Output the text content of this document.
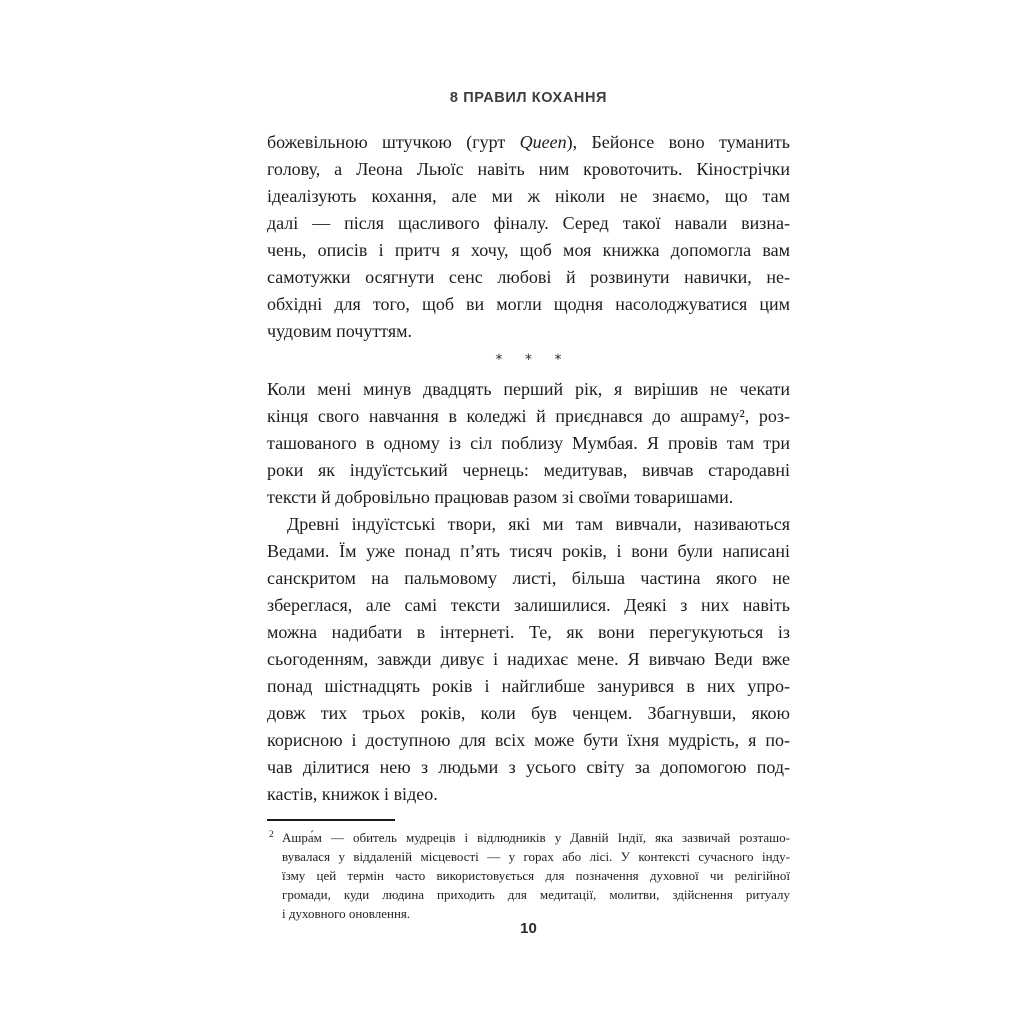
8 ПРАВИЛ КОХАННЯ
божевільною штучкою (гурт Queen), Бейонсе воно туманить
голову, а Леона Льюїс навіть ним кровоточить. Кінострічки
ідеалізують кохання, але ми ж ніколи не знаємо, що там
далі — після щасливого фіналу. Серед такої навали визна-
чень, описів і притч я хочу, щоб моя книжка допомогла вам
самотужки осягнути сенс любові й розвинути навички, не-
обхідні для того, щоб ви могли щодня насолоджуватися цим
чудовим почуттям.
* * *
Коли мені минув двадцять перший рік, я вирішив не чекати
кінця свого навчання в коледжі й приєднався до ашраму², роз-
ташованого в одному із сіл поблизу Мумбая. Я провів там три
роки як індуїстський чернець: медитував, вивчав стародавні
тексти й добровільно працював разом зі своїми товаришами.
Древні індуїстські твори, які ми там вивчали, називаються
Ведами. Їм уже понад п’ять тисяч років, і вони були написані
санскритом на пальмовому листі, більша частина якого не
збереглася, але самі тексти залишилися. Деякі з них навіть
можна надибати в інтернеті. Те, як вони перегукуються із
сьогоденням, завжди дивує і надихає мене. Я вивчаю Веди вже
понад шістнадцять років і найглибше занурився в них упро-
довж тих трьох років, коли був ченцем. Збагнувши, якою
корисною і доступною для всіх може бути їхня мудрість, я по-
чав ділитися нею з людьми з усього світу за допомогою под-
кастів, книжок і відео.
2 Ашра́м — обитель мудреців і відлюдників у Давній Індії, яка зазвичай розташо-
вувалася у віддаленій місцевості — у горах або лісі. У контексті сучасного інду-
їзму цей термін часто використовується для позначення духовної чи релігійної
громади, куди людина приходить для медитації, молитви, здійснення ритуалу
і духовного оновлення.
10
